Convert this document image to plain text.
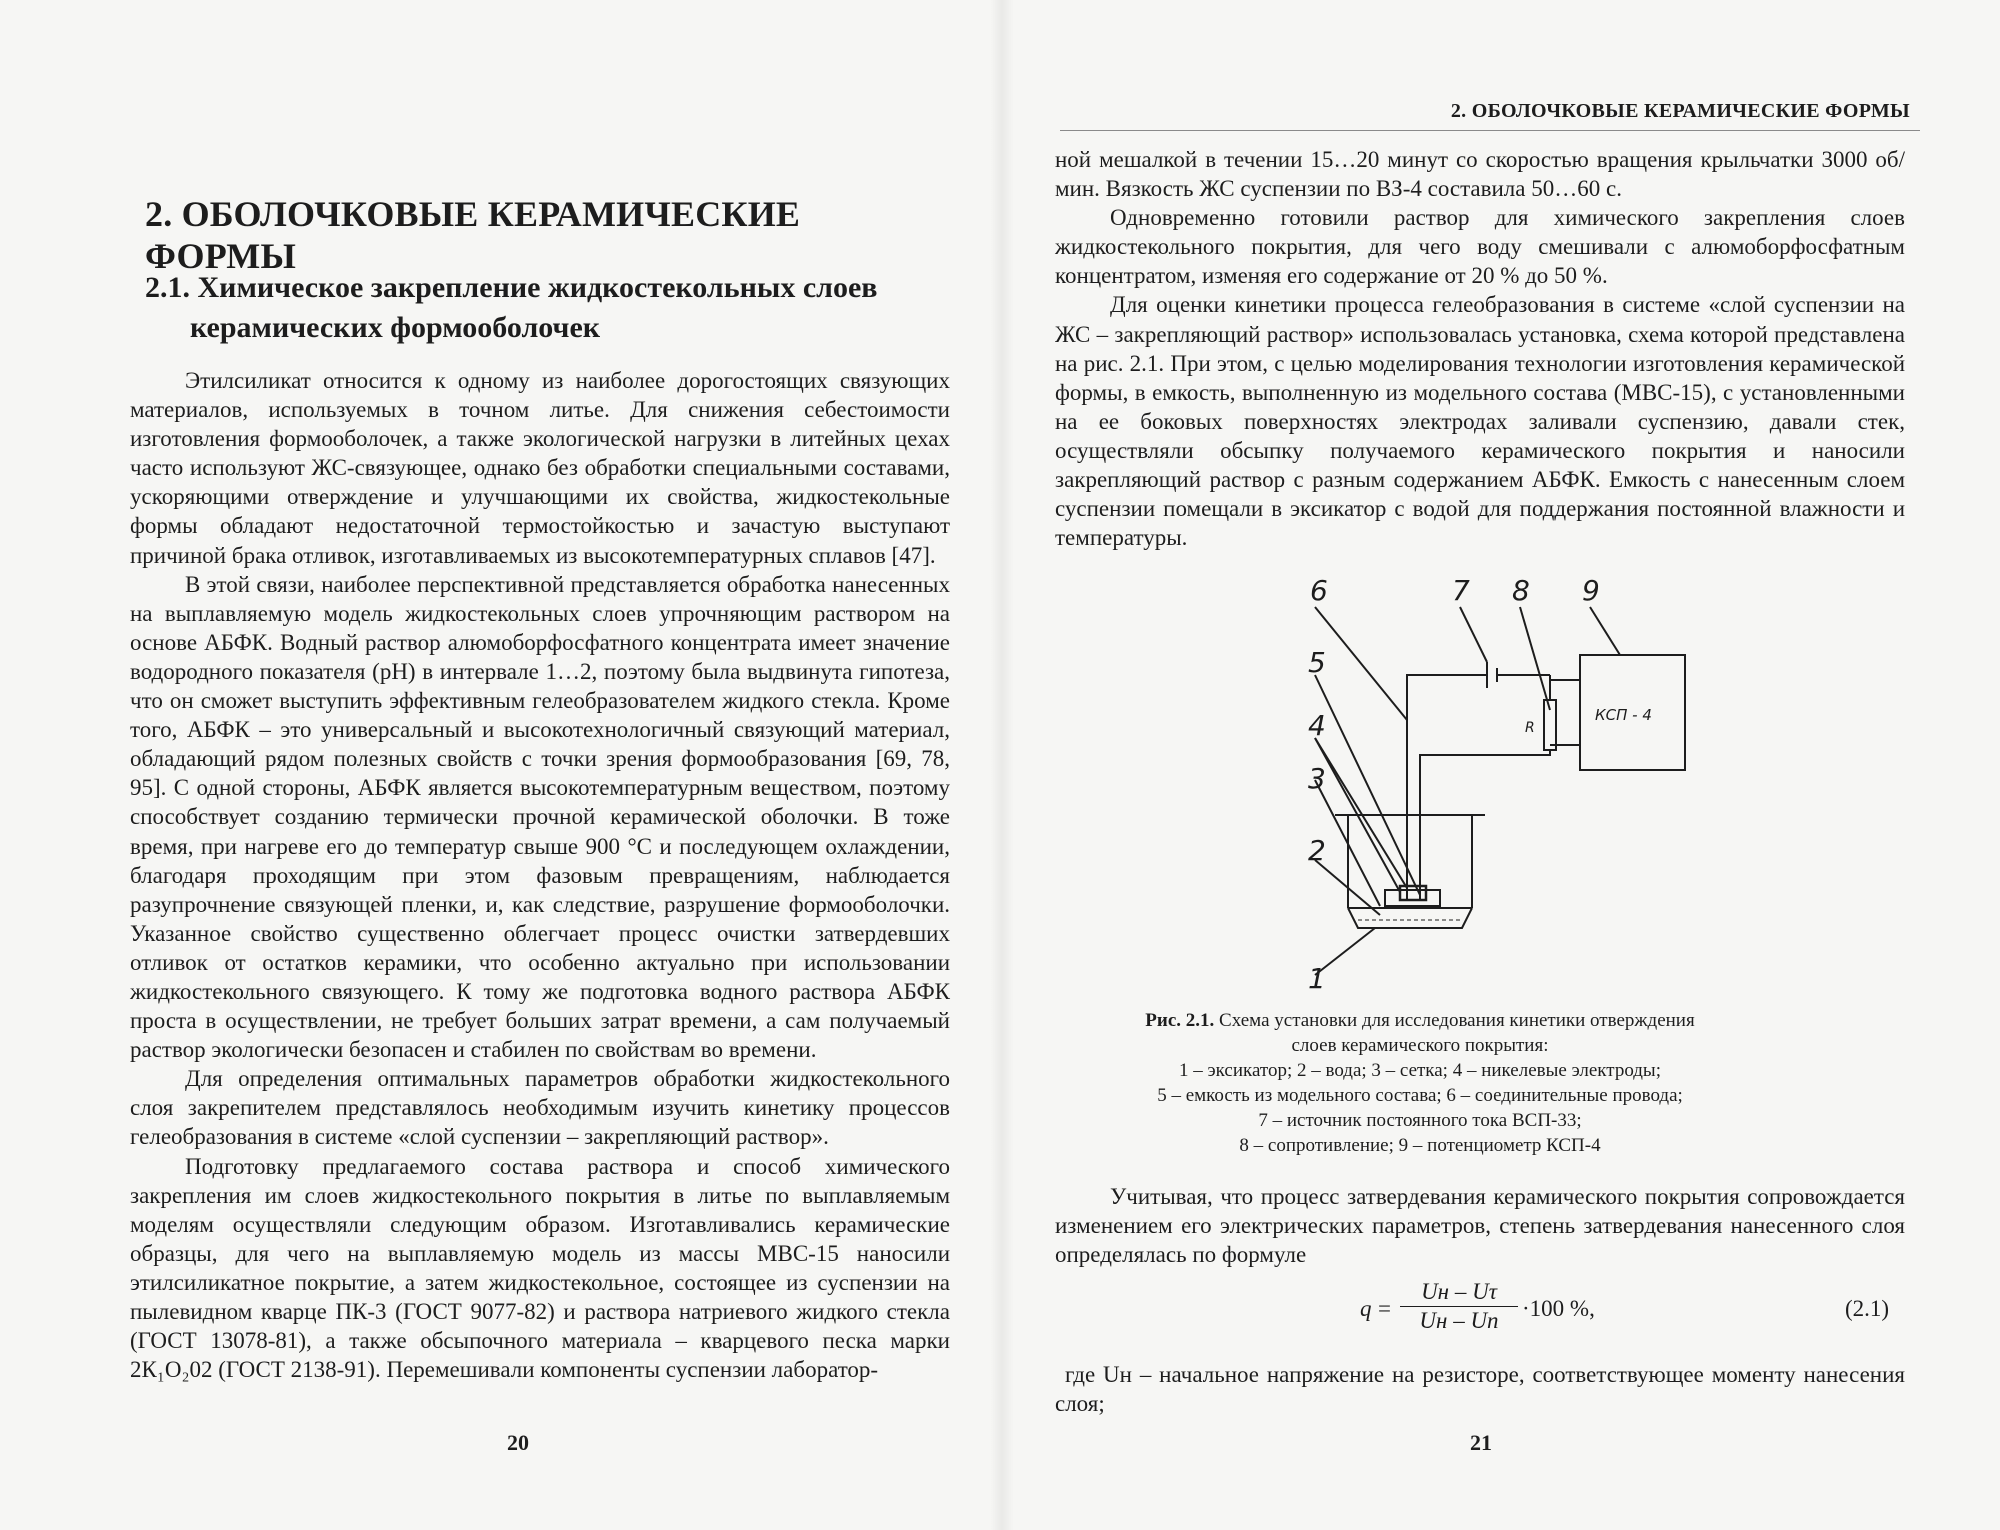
2. ОБОЛОЧКОВЫЕ КЕРАМИЧЕСКИЕ ФОРМЫ
2.1. Химическое закрепление жидкостекольных слоев
керамических формооболочек

Этилсиликат относится к одному из наиболее дорогостоящих связующих материалов, используемых в точном литье. Для снижения себестоимости изготовления формооболочек, а также экологической нагрузки в литейных цехах часто используют ЖС-связующее, однако без обработки специальными составами, ускоряющими отверждение и улучшающими их свойства, жидкостекольные формы обладают недостаточной термостойкостью и зачастую выступают причиной брака отливок, изготавливаемых из высокотемпературных сплавов [47].

В этой связи, наиболее перспективной представляется обработка нанесенных на выплавляемую модель жидкостекольных слоев упрочняющим раствором на основе АБФК. Водный раствор алюмоборфосфатного концентрата имеет значение водородного показателя (pH) в интервале 1…2, поэтому была выдвинута гипотеза, что он сможет выступить эффективным гелеобразователем жидкого стекла. Кроме того, АБФК – это универсальный и высокотехнологичный связующий материал, обладающий рядом полезных свойств с точки зрения формообразования [69, 78, 95]. С одной стороны, АБФК является высокотемпературным веществом, поэтому способствует созданию термически прочной керамической оболочки. В тоже время, при нагреве его до температур свыше 900 °С и последующем охлаждении, благодаря проходящим при этом фазовым превращениям, наблюдается разупрочнение связующей пленки, и, как следствие, разрушение формооболочки. Указанное свойство существенно облегчает процесс очистки затвердевших отливок от остатков керамики, что особенно актуально при использовании жидкостекольного связующего. К тому же подготовка водного раствора АБФК проста в осуществлении, не требует больших затрат времени, а сам получаемый раствор экологически безопасен и стабилен по свойствам во времени.

Для определения оптимальных параметров обработки жидкостекольного слоя закрепителем представлялось необходимым изучить кинетику процессов гелеобразования в системе «слой суспензии – закрепляющий раствор».

Подготовку предлагаемого состава раствора и способ химического закрепления им слоев жидкостекольного покрытия в литье по выплавляемым моделям осуществляли следующим образом. Изготавливались керамические образцы, для чего на выплавляемую модель из массы МВС-15 наносили этилсиликатное покрытие, а затем жидкостекольное, состоящее из суспензии на пылевидном кварце ПК-3 (ГОСТ 9077-82) и раствора натриевого жидкого стекла (ГОСТ 13078-81), а также обсыпочного материала – кварцевого песка марки 2К₁О₂02 (ГОСТ 2138-91). Перемешивали компоненты суспензии лаборатор-

20
2. ОБОЛОЧКОВЫЕ КЕРАМИЧЕСКИЕ ФОРМЫ

ной мешалкой в течении 15…20 минут со скоростью вращения крыльчатки 3000 об/мин. Вязкость ЖС суспензии по ВЗ-4 составила 50…60 с.

Одновременно готовили раствор для химического закрепления слоев жидкостекольного покрытия, для чего воду смешивали с алюмоборфосфатным концентратом, изменяя его содержание от 20 % до 50 %.

Для оценки кинетики процесса гелеобразования в системе «слой суспензии на ЖС – закрепляющий раствор» использовалась установка, схема которой представлена на рис. 2.1. При этом, с целью моделирования технологии изготовления керамической формы, в емкость, выполненную из модельного состава (МВС-15), с установленными на ее боковых поверхностях электродах заливали суспензию, давали стек, осуществляли обсыпку получаемого керамического покрытия и наносили закрепляющий раствор с разным содержанием АБФК. Емкость с нанесенным слоем суспензии помещали в эксикатор с водой для поддержания постоянной влажности и температуры.

6	7 8 9
5
4
3
2
1
R
КСП - 4
Рис. 2.1. Схема установки для исследования кинетики отверждения
слоев керамического покрытия:
1 – эксикатор; 2 – вода; 3 – сетка; 4 – никелевые электроды;
5 – емкость из модельного состава; 6 – соединительные провода;
7 – источник постоянного тока ВСП-33;
8 – сопротивление; 9 – потенциометр КСП-4

Учитывая, что процесс затвердевания керамического покрытия сопровождается изменением его электрических параметров, степень затвердевания нанесенного слоя определялась по формуле

q =
Uн – Uτ
Uн – Uп	·100 %,	(2.1)

где Uн – начальное напряжение на резисторе, соответствующее моменту нанесения слоя;

21
